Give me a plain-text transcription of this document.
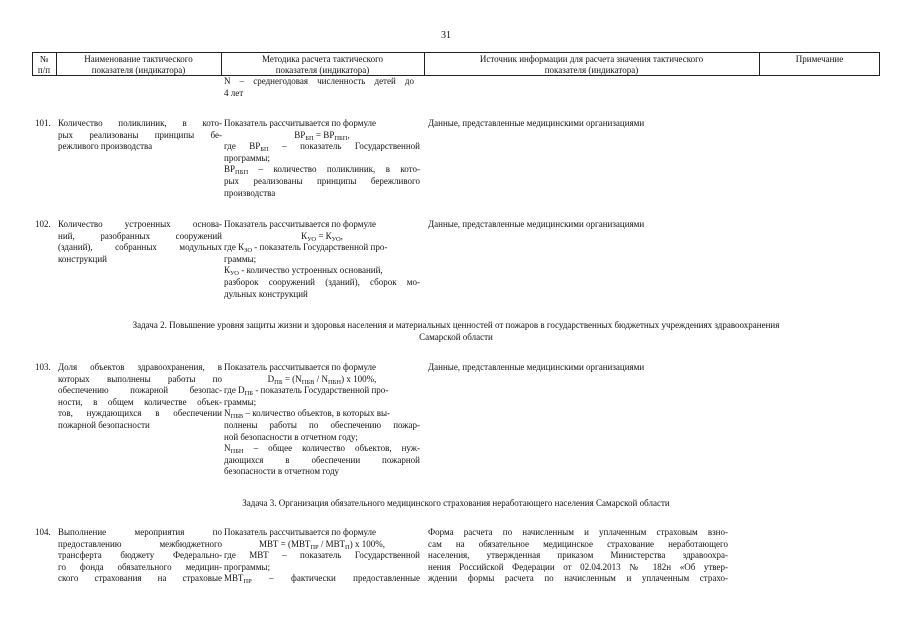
31
№
п/п
Наименование тактического
показателя (индикатора)
Методика расчета тактического
показателя (индикатора)
Источник информации для расчета значения тактического
показателя (индикатора)
Примечание
N – среднегодовая численность детей до
4 лет
101. Количество поликлиник, в кото-
рых реализованы принципы бе-
режливого производства
Показатель рассчитывается по формуле
$ВР_{БП} = ВР_{ПБП}$,
где $ВР_{БП}$ – показатель Государственной
программы;
$ВР_{ПБП}$ – количество поликлиник, в кото-
рых реализованы принципы бережливого
производства
Данные, представленные медицинскими организациями
102. Количество устроенных основа-
ний, разобранных сооружений
(зданий), собранных модульных
конструкций
Показатель рассчитывается по формуле
$К_{УО} = К_{УО}$,
где $К_{ЗО}$ - показатель Государственной про-
граммы;
$К_{УО}$ - количество устроенных оснований,
разборок сооружений (зданий), сборок мо-
дульных конструкций
Данные, представленные медицинскими организациями
Задача 2. Повышение уровня защиты жизни и здоровья населения и материальных ценностей от пожаров в государственных бюджетных учреждениях здравоохранения
Самарской области
103. Доля объектов здравоохранения, в
которых выполнены работы по
обеспечению пожарной безопас-
ности, в общем количестве объек-
тов, нуждающихся в обеспечении
пожарной безопасности
Показатель рассчитывается по формуле
$D_{ПБ} = (N_{ПБВ} / N_{ПБН})$ х 100%,
где $D_{ПБ}$ - показатель Государственной про-
граммы;
$N_{ПБВ}$ – количество объектов, в которых вы-
полнены работы по обеспечению пожар-
ной безопасности в отчетном году;
$N_{ПБН}$ – общее количество объектов, нуж-
дающихся в обеспечении пожарной
безопасности в отчетном году
Данные, представленные медицинскими организациями
Задача 3. Организация обязательного медицинского страхования неработающего населения Самарской области
104. Выполнение мероприятия по
предоставлению межбюджетного
трансферта бюджету Федерально-
го фонда обязательного медицин-
ского страхования на страховые
Показатель рассчитывается по формуле
МВТ = $(МВТ_{ПР} / МВТ_П)$ х 100%,
где МВТ – показатель Государственной
программы;
$МВТ_{ПР}$ – фактически предоставленные
Форма расчета по начисленным и уплаченным страховым взно-
сам на обязательное медицинское страхование неработающего
населения, утвержденная приказом Министерства здравоохра-
нения Российской Федерации от 02.04.2013 № 182н «Об утвер-
ждении формы расчета по начисленным и уплаченным страхо-
